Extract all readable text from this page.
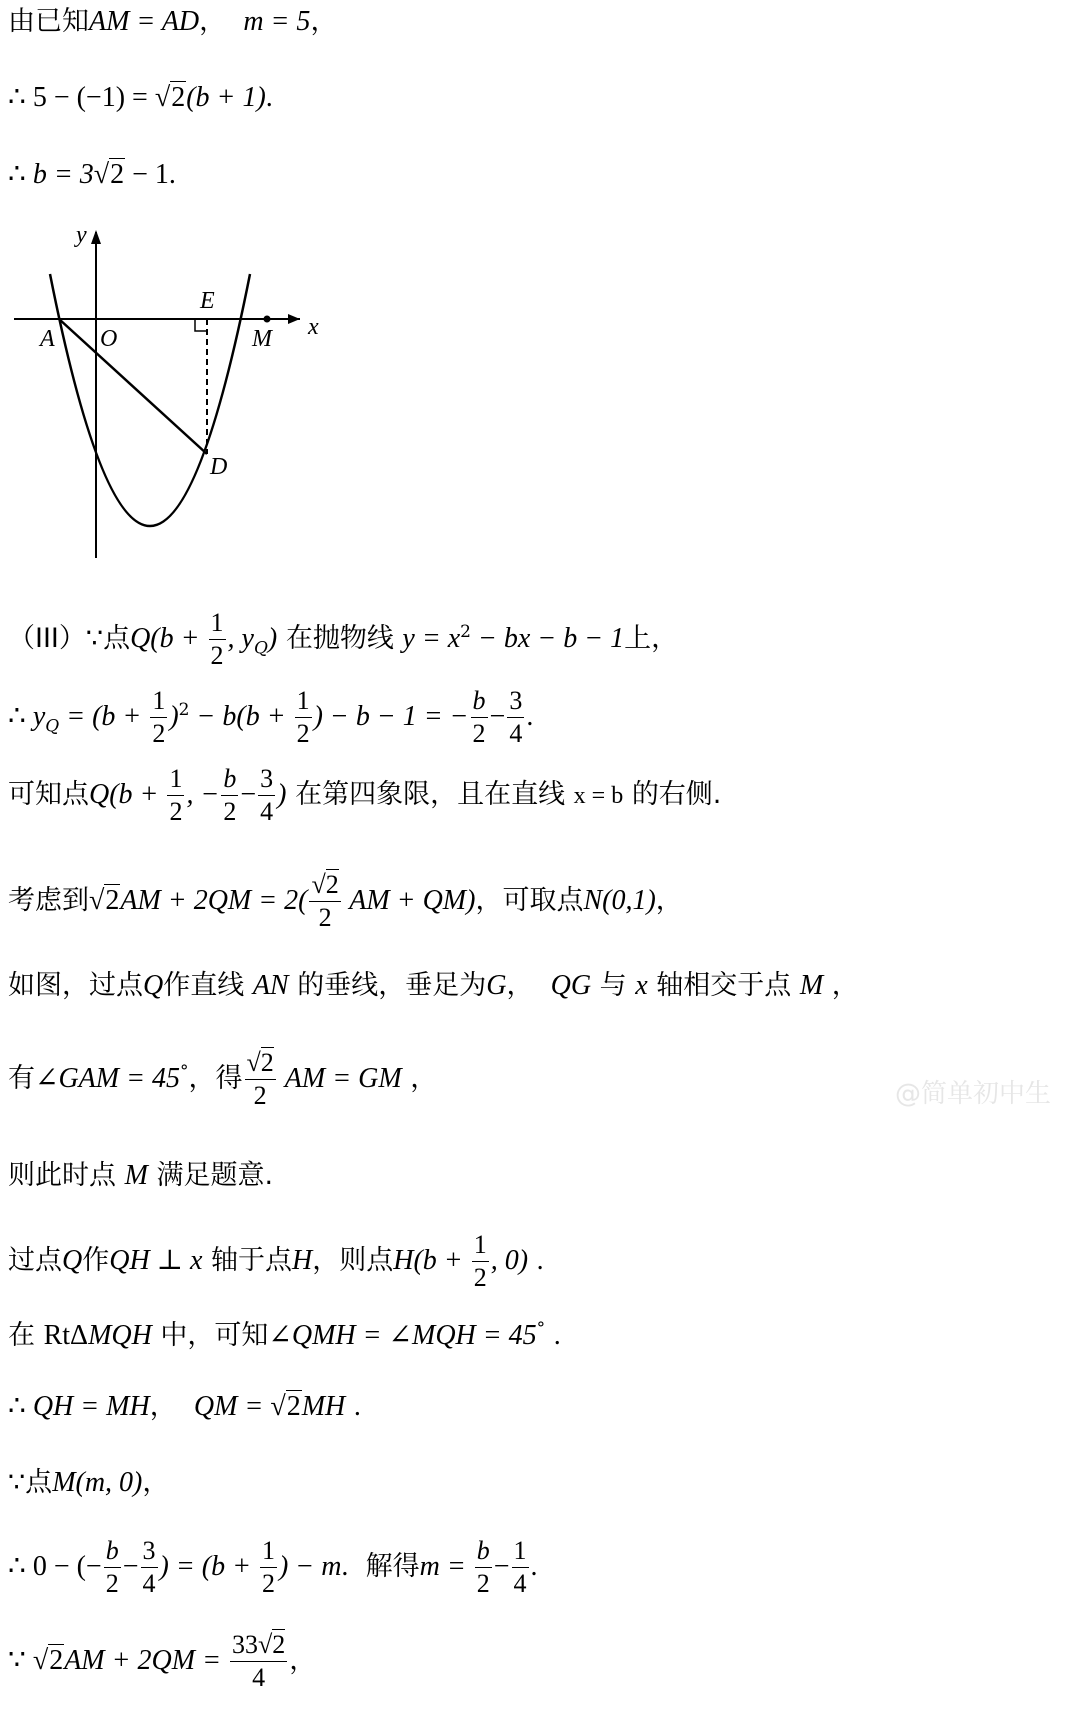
@简单初中生
由已知AM = AD， m = 5，
∴ 5 − (−1) = √2(b + 1).
∴ b = 3√2 − 1.
y
x
A O
E
M
D
（III）∵点$Q(b + \frac{1}{2}$ , $y_Q$) 在抛物线 $y = x^2$ − bx − b − 1上，
∴ $y_Q = (b + \frac{1}{2} )^2 - b(b + \frac{1}{2}$ ) − b − 1 = − $\frac{b}{2} - \frac{3}{4}$ .
可知点$Q(b + \frac{1}{2}$ , − $\frac{b}{2} - \frac{3}{4}$ ) 在第四象限，且在直线 x = b 的右侧.
考虑到$√2AM + 2QM = 2( \frac{√2}{2}$ AM + QM)，可取点N(0,1)，
如图，过点Q作直线 AN 的垂线，垂足为G， QG 与 x 轴相交于点 M ，
有∠GAM = 45°，得 $\frac{√2}{2}$ AM = GM ，
则此时点 M 满足题意.
过点Q作QH ⊥ x 轴于点H，则点$H(b + \frac{1}{2}$ , 0) .
在 RtΔMQH 中，可知∠QMH = ∠MQH = 45° .
∴ QH = MH， QM = √2MH .
∵点M(m, 0)，
∴ 0 − (− $\frac{b}{2} - \frac{3}{4}$ ) = ($b + \frac{1}{2}$ ) − m. 解得$m = \frac{b}{2} - \frac{1}{4}$ .
∵ $√2AM + 2QM = \frac{33√2}{4}$ ，
